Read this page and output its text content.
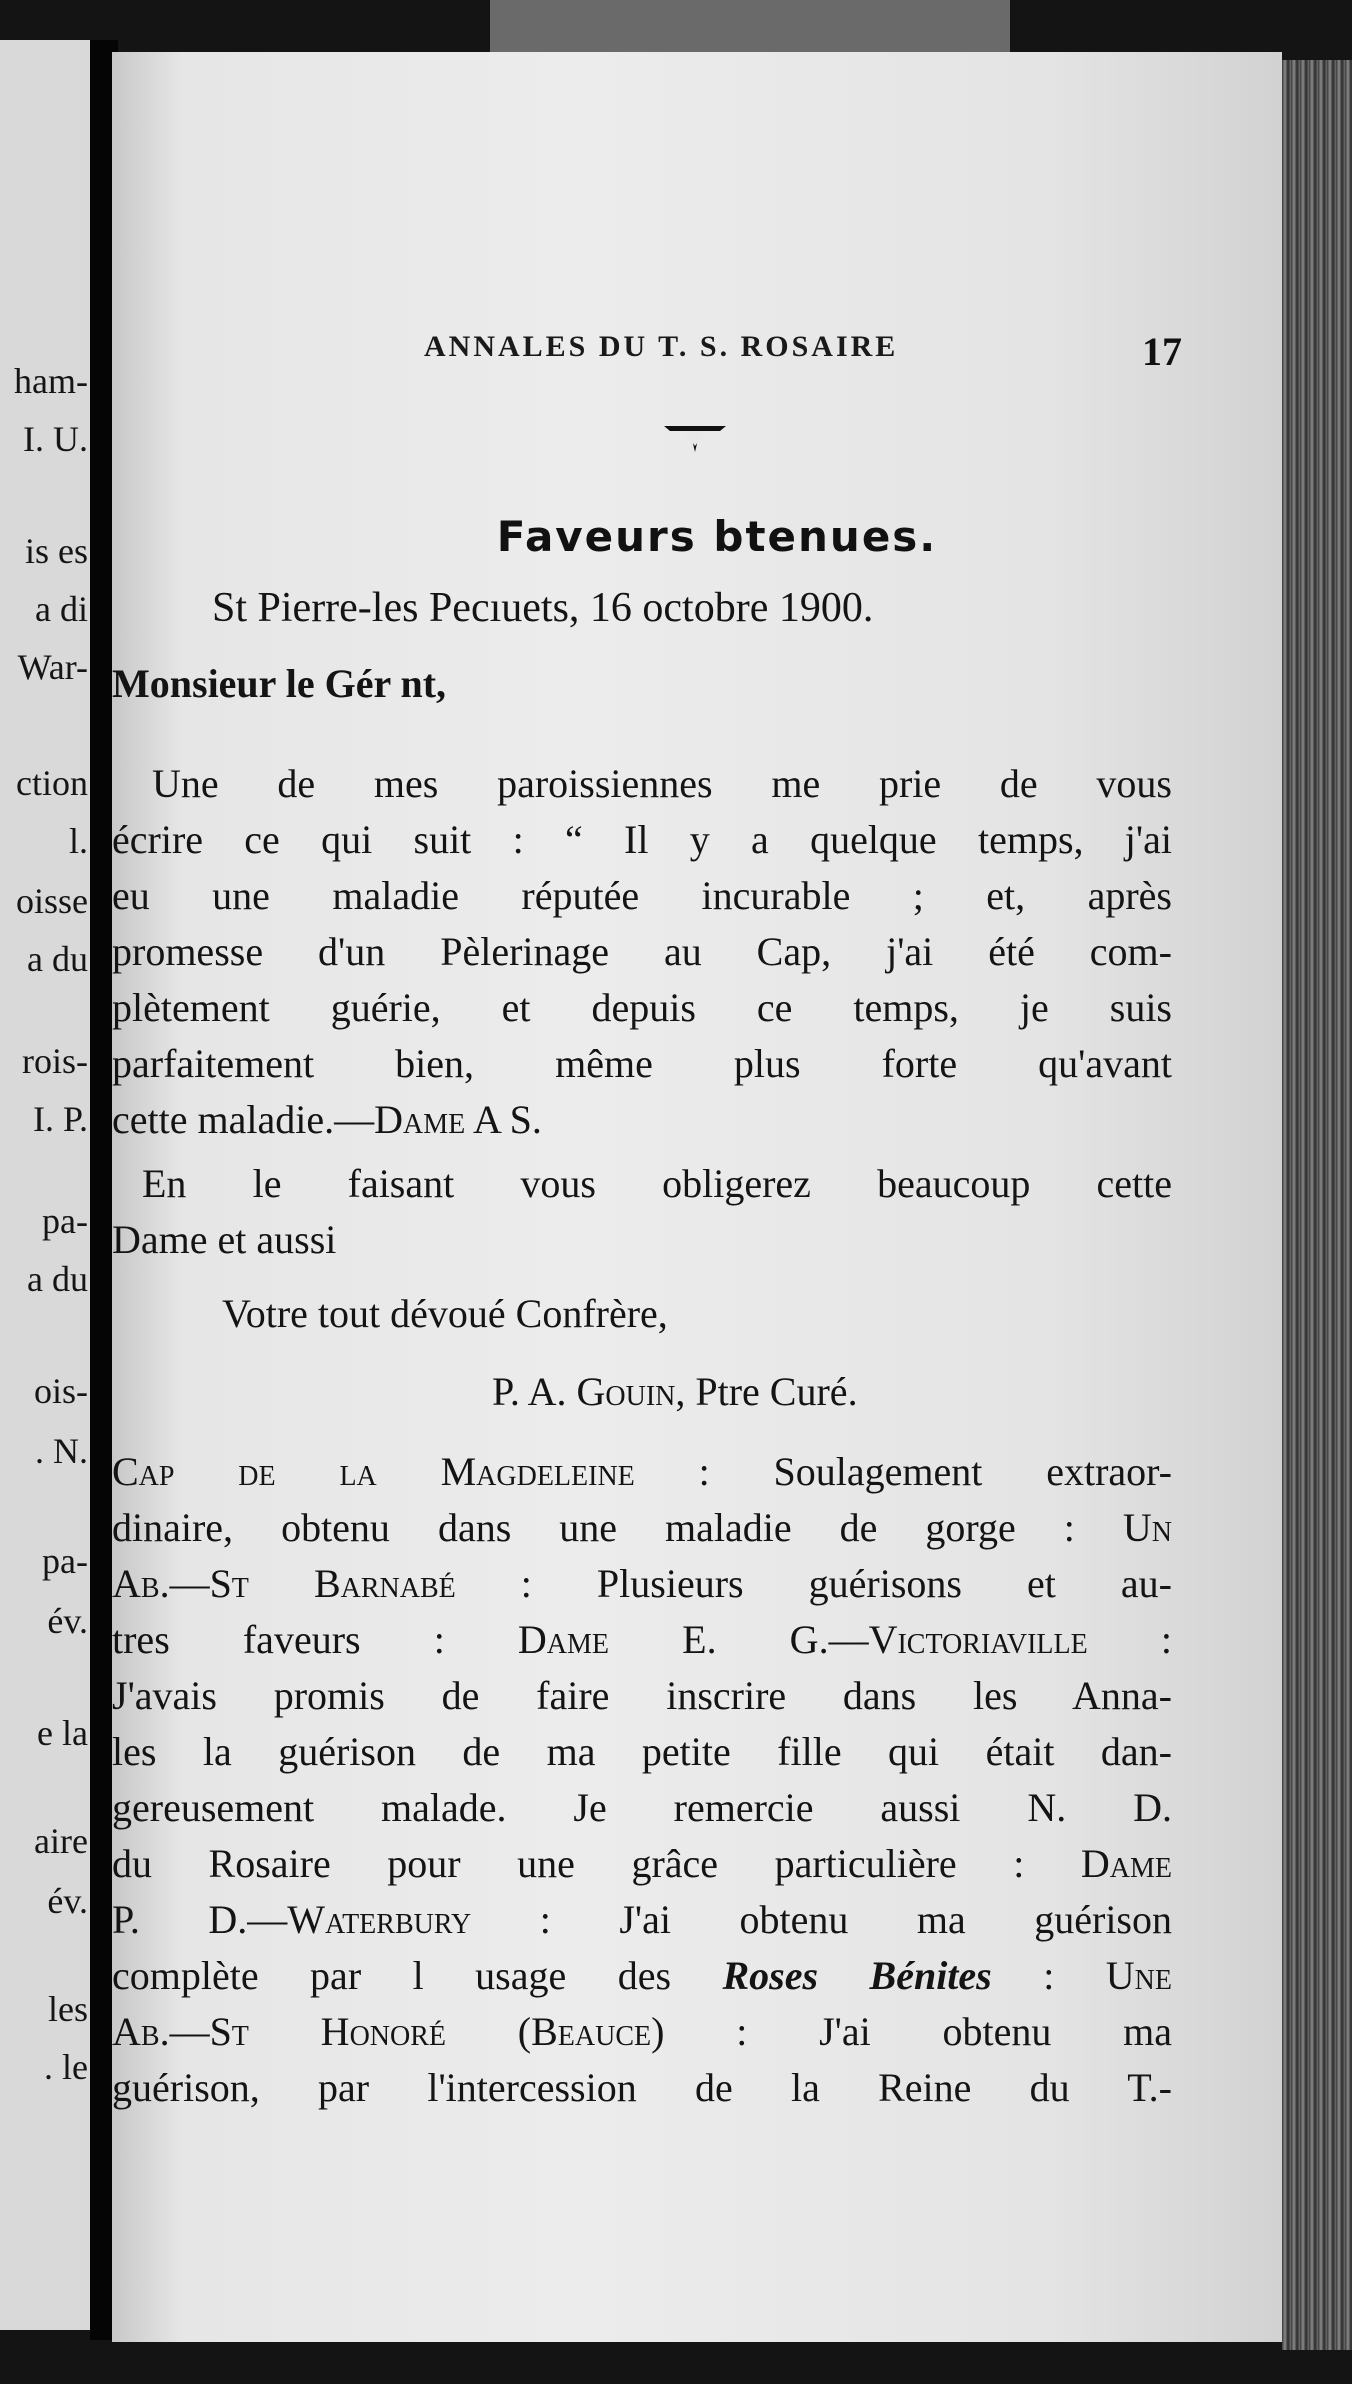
ham-
I. U.
is es
a di
War-
ction
l.
oisse
a du
rois-
I. P.
pa-
a du
ois-
. N.
pa-
év.
e la
aire
év.
les
. le
ANNALES DU T. S. ROSAIRE	17
Faveurs btenues.
St Pierre-les Pecıuets, 16 octobre 1900.
Monsieur le Gér nt,
Une de mes paroissiennes me prie de vous
écrire ce qui suit : “ Il y a quelque temps, j'ai
eu une maladie réputée incurable ; et, après
promesse d'un Pèlerinage au Cap, j'ai été com-
plètement guérie, et depuis ce temps, je suis
parfaitement bien, même plus forte qu'avant
cette maladie.—Dame A S.
En le faisant vous obligerez beaucoup cette
Dame et aussi
Votre tout dévoué Confrère,
P. A. Gouin, Ptre Curé.
Cap de la Magdeleine : Soulagement extraor-
dinaire, obtenu dans une maladie de gorge : Un
Ab.—St Barnabé : Plusieurs guérisons et au-
tres faveurs : Dame E. G.—Victoriaville :
J'avais promis de faire inscrire dans les Anna-
les la guérison de ma petite fille qui était dan-
gereusement malade. Je remercie aussi N. D.
du Rosaire pour une grâce particulière : Dame
P. D.—Waterbury : J'ai obtenu ma guérison
complète par l usage des Roses Bénites : Une
Ab.—St Honoré (Beauce) : J'ai obtenu ma
guérison, par l'intercession de la Reine du T.-
